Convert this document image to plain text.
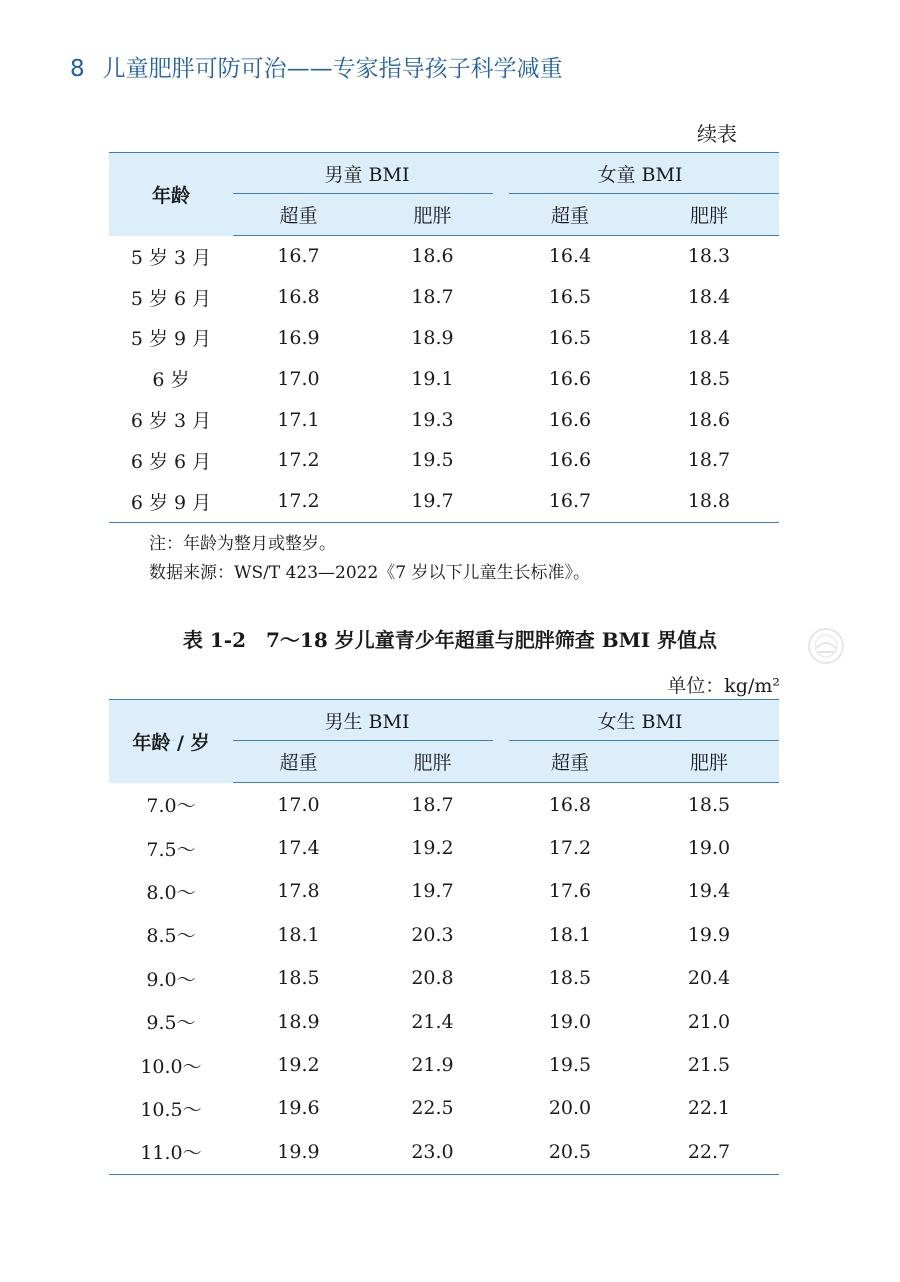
8 儿童肥胖可防可治——专家指导孩子科学减重
续表
年龄	男童 BMI		女童 BMI	
	超重	肥胖	超重	肥胖
5 岁 3 月	16.7	18.6	16.4	18.3
5 岁 6 月	16.8	18.7	16.5	18.4
5 岁 9 月	16.9	18.9	16.5	18.4
6 岁	17.0	19.1	16.6	18.5
6 岁 3 月	17.1	19.3	16.6	18.6
6 岁 6 月	17.2	19.5	16.6	18.7
6 岁 9 月	17.2	19.7	16.7	18.8
注：年龄为整月或整岁。
数据来源：WS/T 423—2022《7 岁以下儿童生长标准》。
表 1-2　7～18 岁儿童青少年超重与肥胖筛查 BMI 界值点
单位：kg/m²
年龄 / 岁	男生 BMI		女生 BMI	
	超重	肥胖	超重	肥胖
7.0～	17.0	18.7	16.8	18.5
7.5～	17.4	19.2	17.2	19.0
8.0～	17.8	19.7	17.6	19.4
8.5～	18.1	20.3	18.1	19.9
9.0～	18.5	20.8	18.5	20.4
9.5～	18.9	21.4	19.0	21.0
10.0～	19.2	21.9	19.5	21.5
10.5～	19.6	22.5	20.0	22.1
11.0～	19.9	23.0	20.5	22.7
